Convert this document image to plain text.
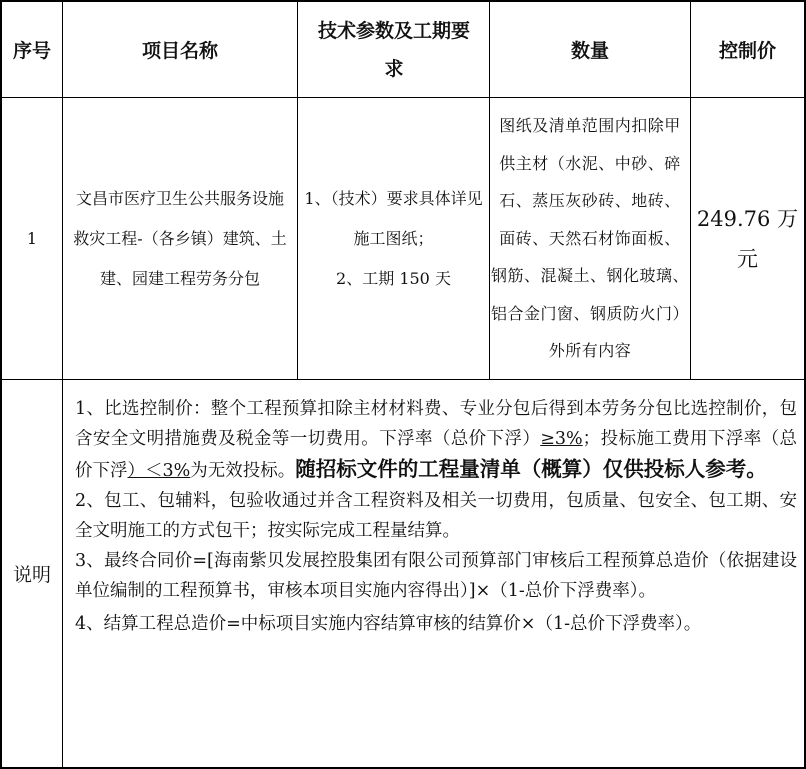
序号	项目名称
技术参数及工期要求
数量	控制价
1
文昌市医疗卫生公共服务设施
救灾工程-（各乡镇）建筑、土
建、园建工程劳务分包
1、（技术）要求具体详见
施工图纸；
2、工期 150 天
图纸及清单范围内扣除甲
供主材（水泥、中砂、碎
石、蒸压灰砂砖、地砖、
面砖、天然石材饰面板、
钢筋、混凝土、钢化玻璃、
铝合金门窗、钢质防火门）
外所有内容
249.76 万
元
说明

1、比选控制价：整个工程预算扣除主材材料费、专业分包后得到本劳务分包比选控制价，包含安全文明措施费及税金等一切费用。下浮率（总价下浮）≥3%；投标施工费用下浮率（总价下浮）＜3%为无效投标。随招标文件的工程量清单（概算）仅供投标人参考。

2、包工、包辅料，包验收通过并含工程资料及相关一切费用，包质量、包安全、包工期、安全文明施工的方式包干；按实际完成工程量结算。

3、最终合同价=[海南紫贝发展控股集团有限公司预算部门审核后工程预算总造价（依据建设单位编制的工程预算书，审核本项目实施内容得出）]×（1-总价下浮费率）。

4、结算工程总造价=中标项目实施内容结算审核的结算价×（1-总价下浮费率）。
